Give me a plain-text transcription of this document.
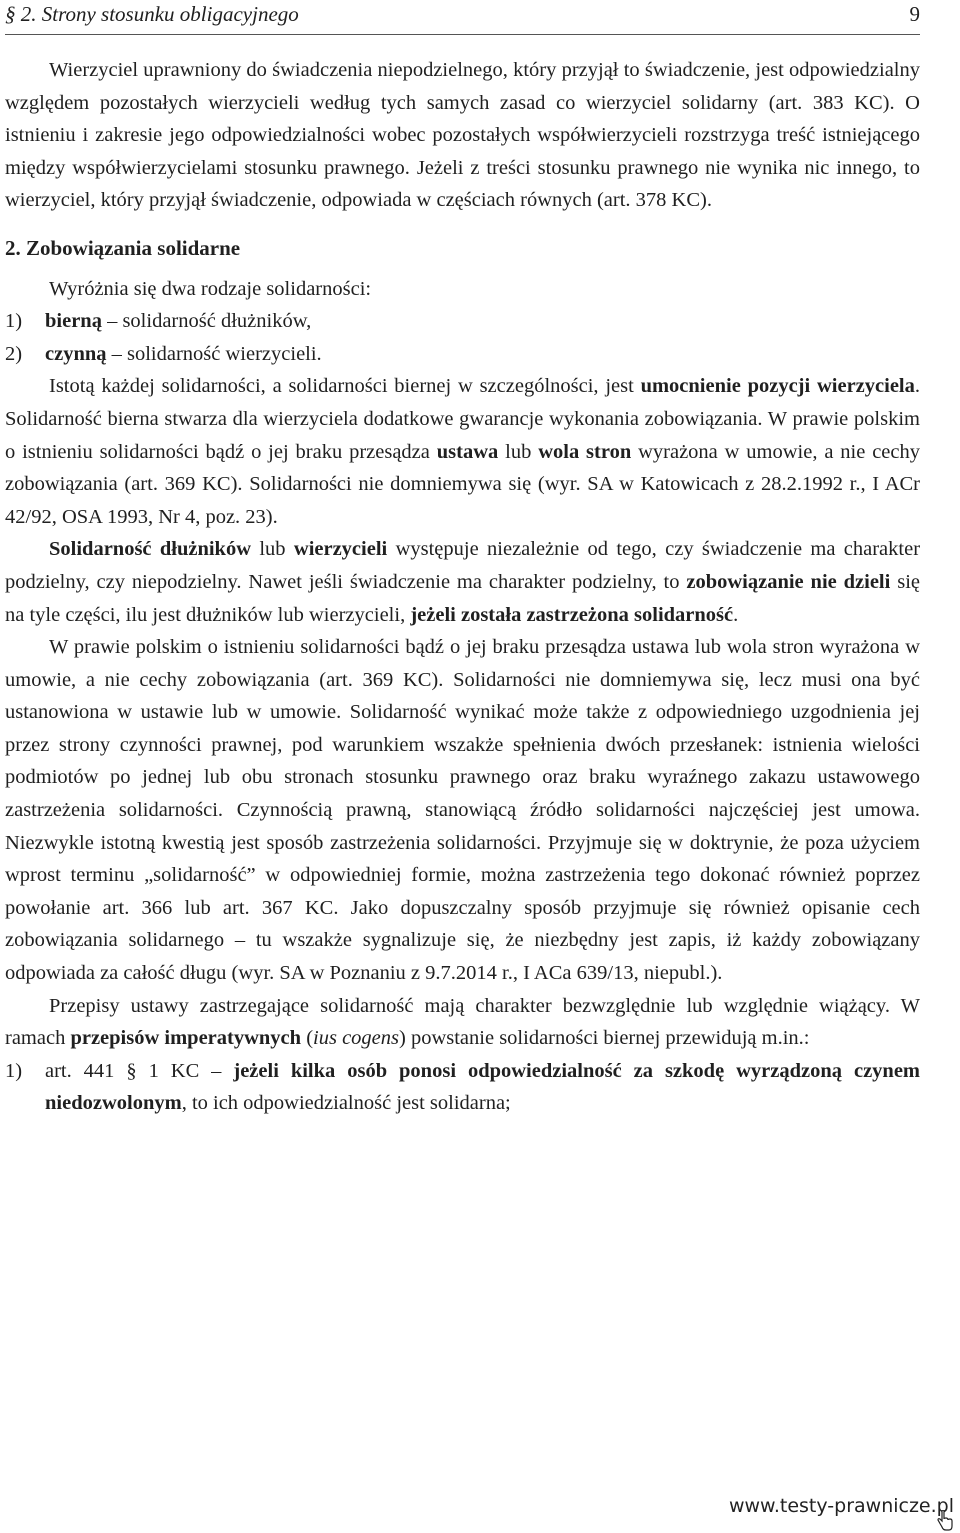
§ 2. Strony stosunku obligacyjnego	9

Wierzyciel uprawniony do świadczenia niepodzielnego, który przyjął to świadczenie, jest odpowiedzialny względem pozostałych wierzycieli według tych samych zasad co wierzyciel solidarny (art. 383 KC). O istnieniu i zakresie jego odpowiedzialności wobec pozostałych współwierzycieli rozstrzyga treść istniejącego między współwierzycielami stosunku prawnego. Jeżeli z treści stosunku prawnego nie wynika nic innego, to wierzyciel, który przyjął świadczenie, odpowiada w częściach równych (art. 378 KC).

2. Zobowiązania solidarne

Wyróżnia się dwa rodzaje solidarności:

1)	bierną – solidarność dłużników,
2)	czynną – solidarność wierzycieli.

Istotą każdej solidarności, a solidarności biernej w szczególności, jest umocnienie pozycji wierzyciela. Solidarność bierna stwarza dla wierzyciela dodatkowe gwarancje wykonania zobowiązania. W prawie polskim o istnieniu solidarności bądź o jej braku przesądza ustawa lub wola stron wyrażona w umowie, a nie cechy zobowiązania (art. 369 KC). Solidarności nie domniemywa się (wyr. SA w Katowicach z 28.2.1992 r., I ACr 42/92, OSA 1993, Nr 4, poz. 23).

Solidarność dłużników lub wierzycieli występuje niezależnie od tego, czy świadczenie ma charakter podzielny, czy niepodzielny. Nawet jeśli świadczenie ma charakter podzielny, to zobowiązanie nie dzieli się na tyle części, ilu jest dłużników lub wierzycieli, jeżeli została zastrzeżona solidarność.

W prawie polskim o istnieniu solidarności bądź o jej braku przesądza ustawa lub wola stron wyrażona w umowie, a nie cechy zobowiązania (art. 369 KC). Solidarności nie domniemywa się, lecz musi ona być ustanowiona w ustawie lub w umowie. Solidarność wynikać może także z odpowiedniego uzgodnienia jej przez strony czynności prawnej, pod warunkiem wszakże spełnienia dwóch przesłanek: istnienia wielości podmiotów po jednej lub obu stronach stosunku prawnego oraz braku wyraźnego zakazu ustawowego zastrzeżenia solidarności. Czynnością prawną, stanowiącą źródło solidarności najczęściej jest umowa. Niezwykle istotną kwestią jest sposób zastrzeżenia solidarności. Przyjmuje się w doktrynie, że poza użyciem wprost terminu „solidarność” w odpowiedniej formie, można zastrzeżenia tego dokonać również poprzez powołanie art. 366 lub art. 367 KC. Jako dopuszczalny sposób przyjmuje się również opisanie cech zobowiązania solidarnego – tu wszakże sygnalizuje się, że niezbędny jest zapis, iż każdy zobowiązany odpowiada za całość długu (wyr. SA w Poznaniu z 9.7.2014 r., I ACa 639/13, niepubl.).

Przepisy ustawy zastrzegające solidarność mają charakter bezwzględnie lub względnie wiążący. W ramach przepisów imperatywnych (ius cogens) powstanie solidarności biernej przewidują m.in.:

1)	art. 441 § 1 KC – jeżeli kilka osób ponosi odpowiedzialność za szkodę wyrządzoną czynem niedozwolonym, to ich odpowiedzialność jest solidarna;
www.testy-prawnicze.pl
